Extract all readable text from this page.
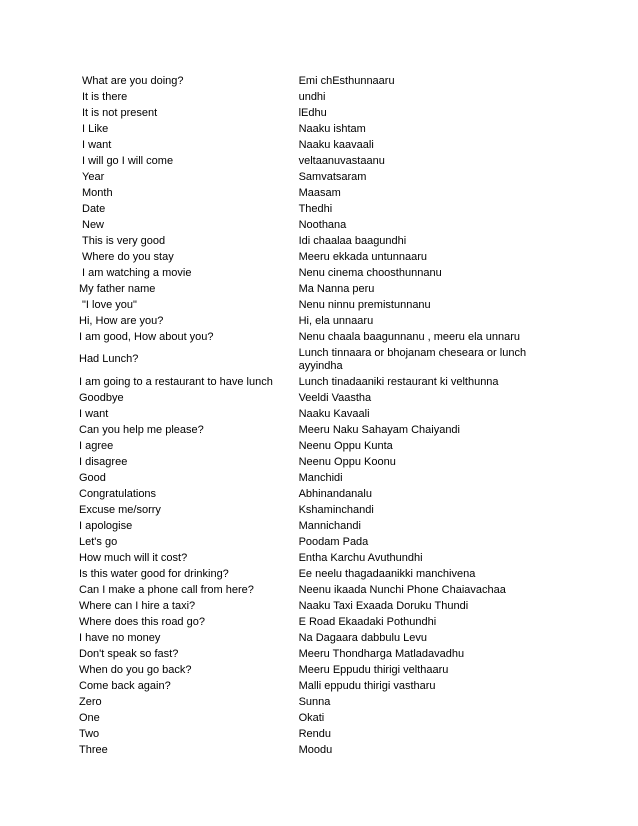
What are you doing?	Emi chEsthunnaaru
It is there	undhi
It is not present	lEdhu
I Like	Naaku ishtam
I want	Naaku kaavaali
I will go I will come	veltaanuvastaanu
Year	Samvatsaram
Month	Maasam
Date	Thedhi
New	Noothana
This is very good	Idi chaalaa baagundhi
Where do you stay	Meeru ekkada untunnaaru
I am watching a movie	Nenu cinema choosthunnanu
My father name	Ma Nanna peru
"I love you"	Nenu ninnu premistunnanu
Hi, How are you?	Hi, ela unnaaru
I am good, How about you?	Nenu chaala baagunnanu , meeru ela unnaru
Had Lunch?	Lunch tinnaara or bhojanam cheseara or lunch ayyindha
I am going to a restaurant to have lunch	Lunch tinadaaniki restaurant ki velthunna
Goodbye	Veeldi Vaastha
I want	Naaku Kavaali
Can you help me please?	Meeru Naku Sahayam Chaiyandi
I agree	Neenu Oppu Kunta
I disagree	Neenu Oppu Koonu
Good	Manchidi
Congratulations	Abhinandanalu
Excuse me/sorry	Kshaminchandi
I apologise	Mannichandi
Let's go	Poodam Pada
How much will it cost?	Entha Karchu Avuthundhi
Is this water good for drinking?	Ee neelu thagadaanikki manchivena
Can I make a phone call from here?	Neenu ikaada Nunchi Phone Chaiavachaa
Where can I hire a taxi?	Naaku Taxi Exaada Doruku Thundi
Where does this road go?	E Road Ekaadaki Pothundhi
I have no money	Na Dagaara dabbulu Levu
Don't speak so fast?	Meeru Thondharga Matladavadhu
When do you go back?	Meeru Eppudu thirigi velthaaru
Come back again?	Malli eppudu thirigi vastharu
Zero	Sunna
One	Okati
Two	Rendu
Three	Moodu
